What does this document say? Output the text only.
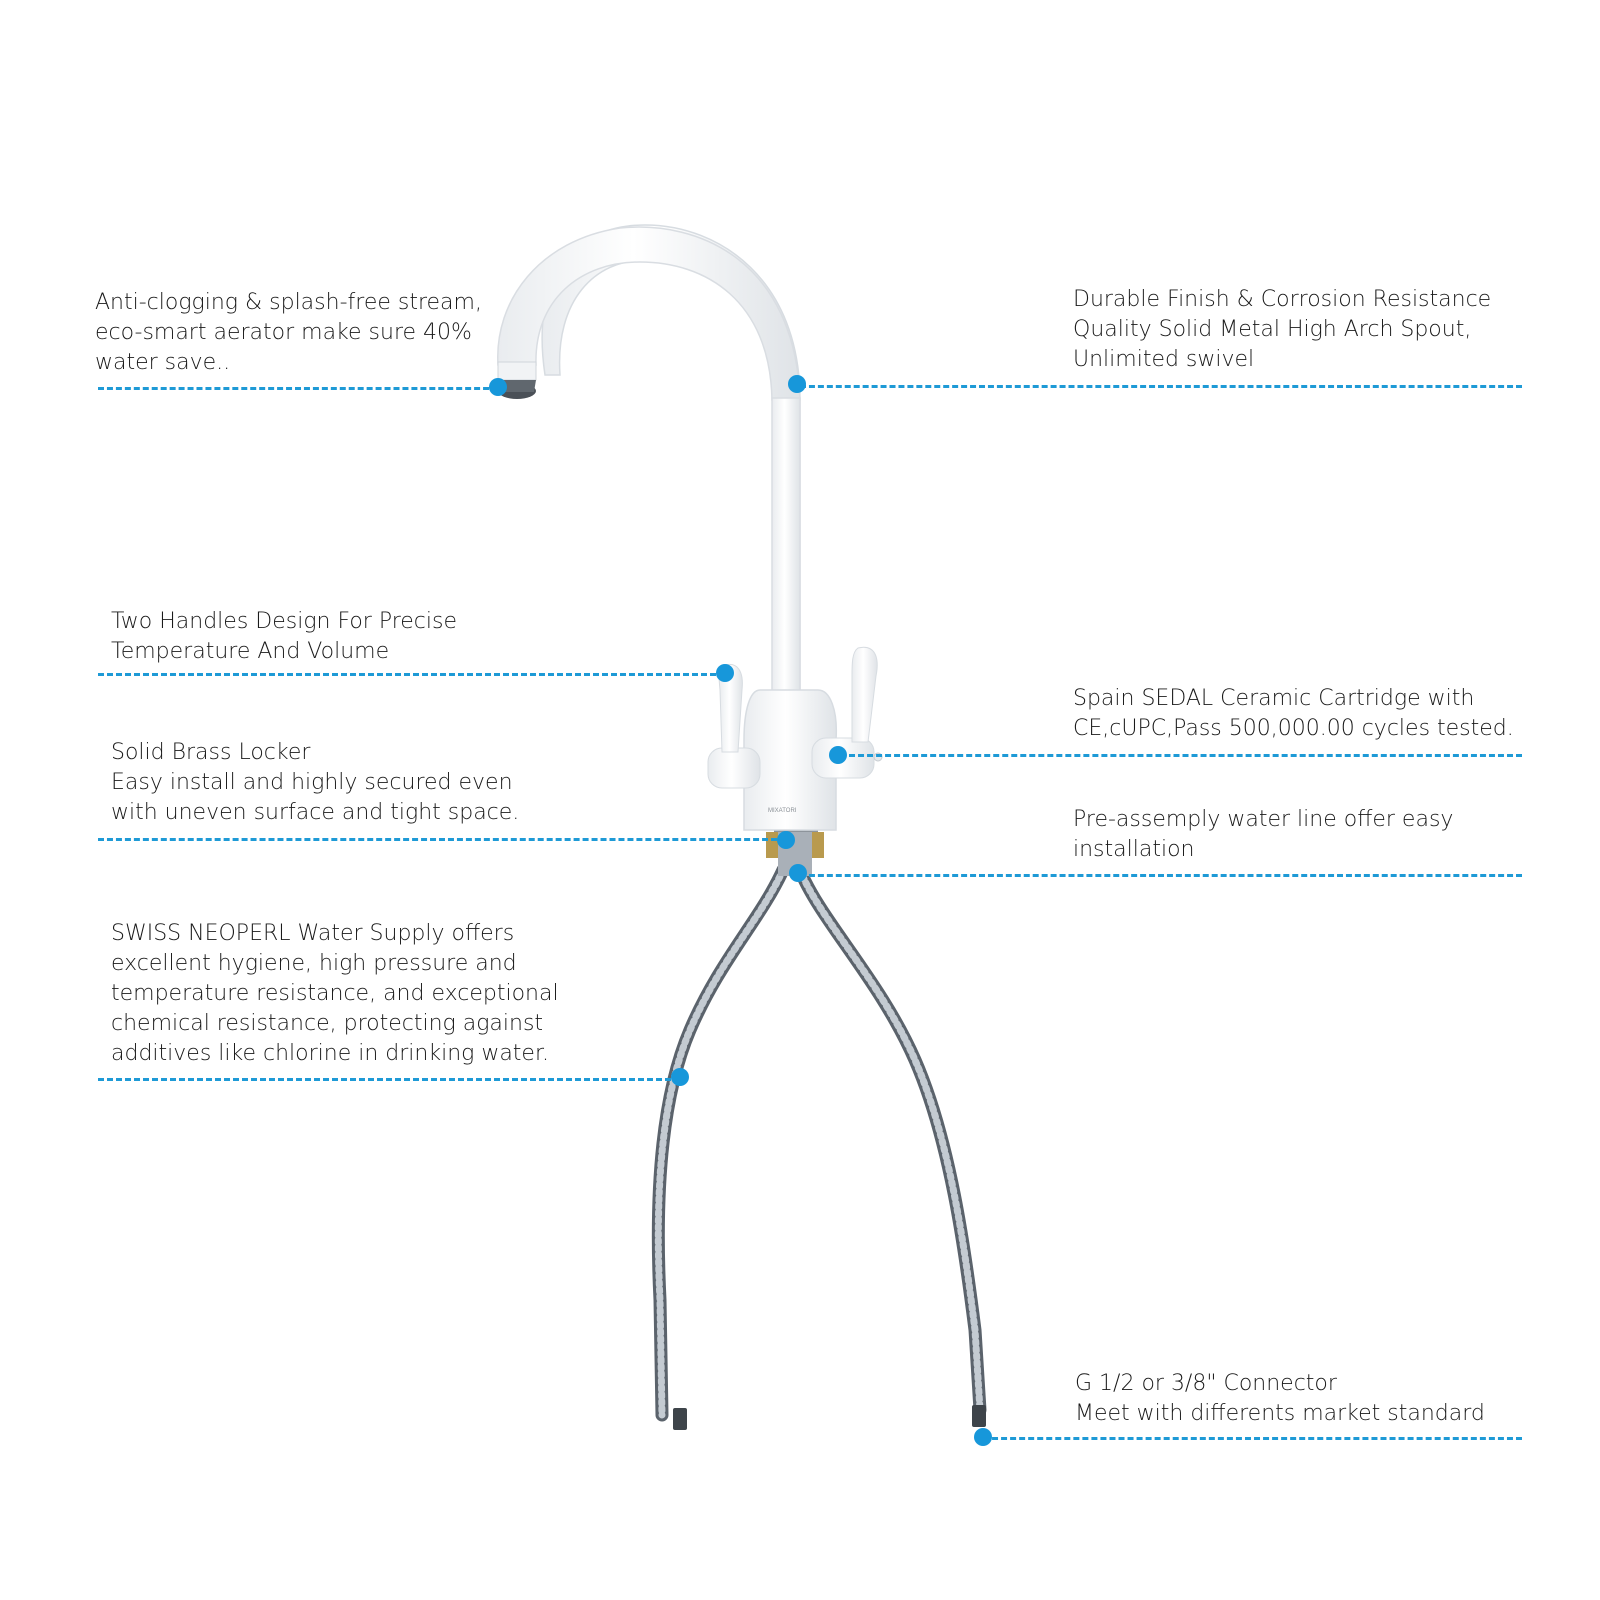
MIXATORI
Anti-clogging & splash-free stream,
eco-smart aerator make sure 40%
water save..
Durable Finish & Corrosion Resistance
Quality Solid Metal High Arch Spout,
Unlimited swivel
Two Handles Design For Precise
Temperature And Volume
Spain SEDAL Ceramic Cartridge with
CE,cUPC,Pass 500,000.00 cycles tested.
Solid Brass Locker
Easy install and highly secured even
with uneven surface and tight space.	Pre-assemply water line offer easy
installation
SWISS NEOPERL Water Supply offers
excellent hygiene, high pressure and
temperature resistance, and exceptional
chemical resistance, protecting against
additives like chlorine in drinking water.
G 1/2 or 3/8" Connector
Meet with differents market standard
